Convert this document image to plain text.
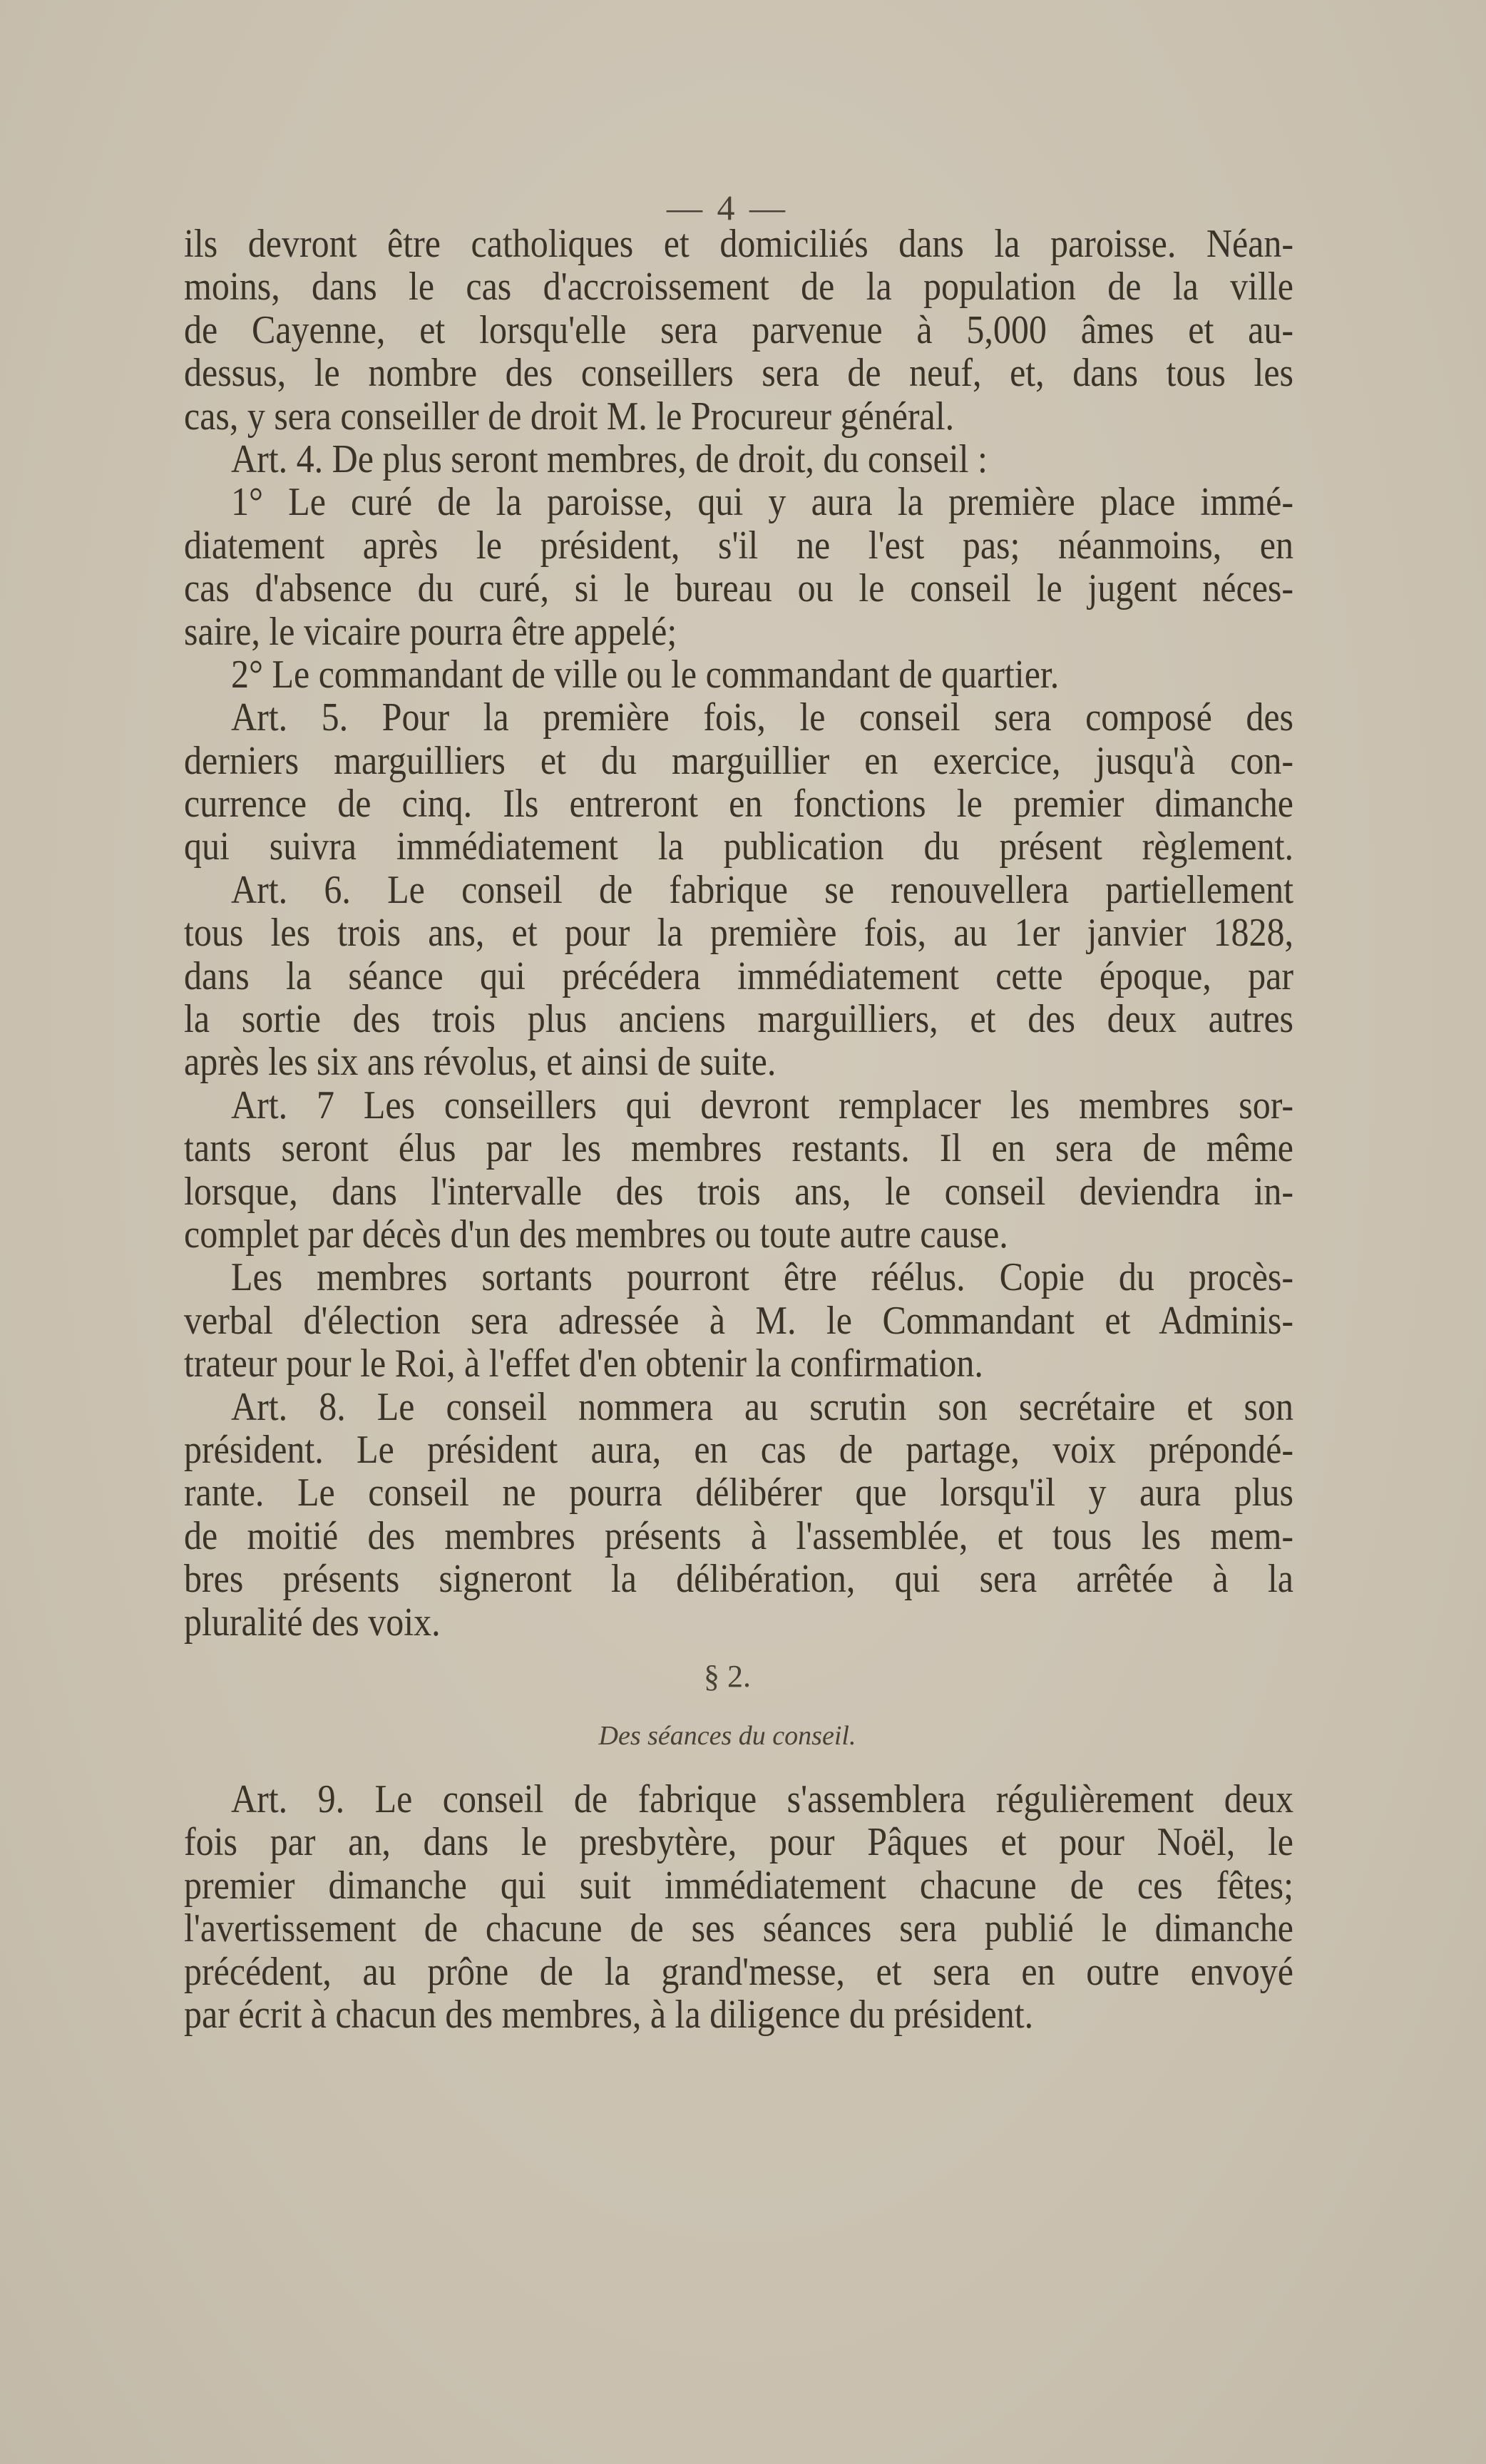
— 4 —
ils devront être catholiques et domiciliés dans la paroisse. Néan-
moins, dans le cas d'accroissement de la population de la ville
de Cayenne, et lorsqu'elle sera parvenue à 5,000 âmes et au-
dessus, le nombre des conseillers sera de neuf, et, dans tous les
cas, y sera conseiller de droit M. le Procureur général.
Art. 4. De plus seront membres, de droit, du conseil :
1° Le curé de la paroisse, qui y aura la première place immé-
diatement après le président, s'il ne l'est pas; néanmoins, en
cas d'absence du curé, si le bureau ou le conseil le jugent néces-
saire, le vicaire pourra être appelé;
2° Le commandant de ville ou le commandant de quartier.
Art. 5. Pour la première fois, le conseil sera composé des
derniers marguilliers et du marguillier en exercice, jusqu'à con-
currence de cinq. Ils entreront en fonctions le premier dimanche
qui suivra immédiatement la publication du présent règlement.
Art. 6. Le conseil de fabrique se renouvellera partiellement
tous les trois ans, et pour la première fois, au 1er janvier 1828,
dans la séance qui précédera immédiatement cette époque, par
la sortie des trois plus anciens marguilliers, et des deux autres
après les six ans révolus, et ainsi de suite.
Art. 7 Les conseillers qui devront remplacer les membres sor-
tants seront élus par les membres restants. Il en sera de même
lorsque, dans l'intervalle des trois ans, le conseil deviendra in-
complet par décès d'un des membres ou toute autre cause.
Les membres sortants pourront être réélus. Copie du procès-
verbal d'élection sera adressée à M. le Commandant et Adminis-
trateur pour le Roi, à l'effet d'en obtenir la confirmation.
Art. 8. Le conseil nommera au scrutin son secrétaire et son
président. Le président aura, en cas de partage, voix prépondé-
rante. Le conseil ne pourra délibérer que lorsqu'il y aura plus
de moitié des membres présents à l'assemblée, et tous les mem-
bres présents signeront la délibération, qui sera arrêtée à la
pluralité des voix.
§ 2.
Des séances du conseil.
Art. 9. Le conseil de fabrique s'assemblera régulièrement deux
fois par an, dans le presbytère, pour Pâques et pour Noël, le
premier dimanche qui suit immédiatement chacune de ces fêtes;
l'avertissement de chacune de ses séances sera publié le dimanche
précédent, au prône de la grand'messe, et sera en outre envoyé
par écrit à chacun des membres, à la diligence du président.
